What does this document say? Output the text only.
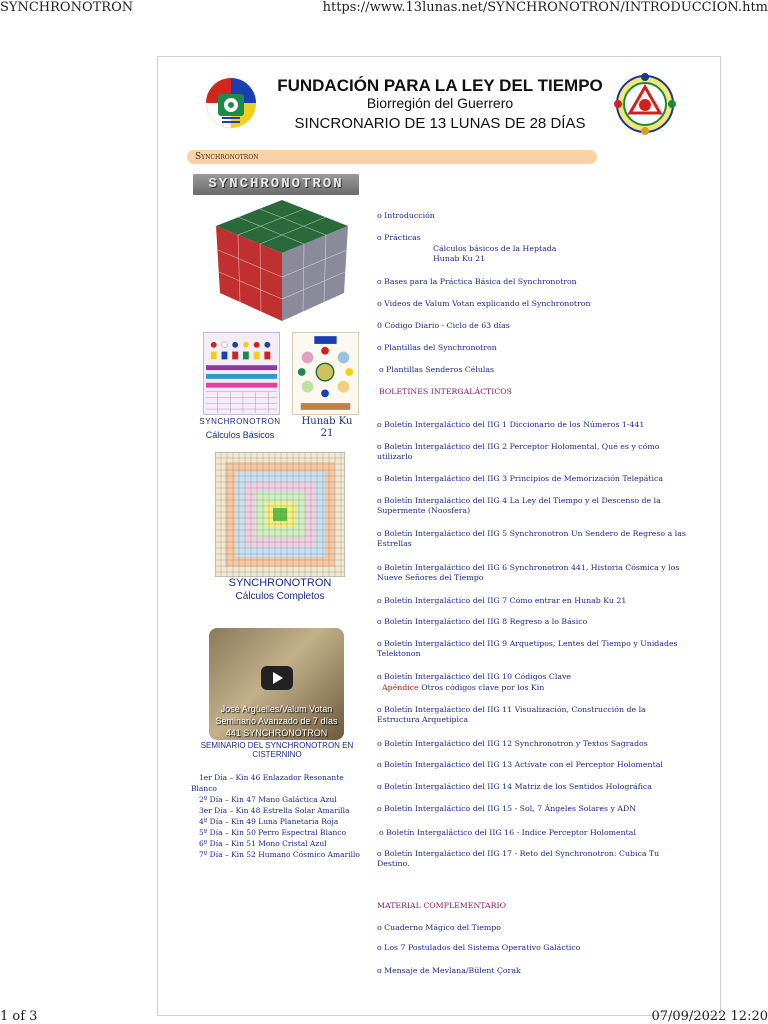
SYNCHRONOTRON	https://www.13lunas.net/SYNCHRONOTRON/INTRODUCCION.htm
FUNDACIÓN PARA LA LEY DEL TIEMPO
Biorregión del Guerrero
SINCRONARIO DE 13 LUNAS DE 28 DÍAS
Synchronotron
SYNCHRONOTRON
SYNCHRONOTRON
Cálculos Básicos
Hunab Ku 21
SYNCHRONOTRON
Cálculos Completos
José Argüelles/Valum Votan
Seminario Avanzado de 7 días
441 SYNCHRONOTRON
SEMINARIO DEL SYNCHRONOTRON EN CISTERNINO
1er Día – Kin 46 Enlazador Resonante
Blanco
2º Día – Kin 47 Mano Galáctica Azul
3er Día – Kin 48 Estrella Solar Amarilla
4º Día – Kin 49 Luna Planetaria Roja
5º Día – Kin 50 Perro Espectral Blanco
6º Día – Kin 51 Mono Cristal Azul
7º Día – Kin 52 Humano Cósmico Amarillo
o Introducción
o Prácticas
Cálculos básicos de la Heptada
Hunab Ku 21
o Bases para la Práctica Básica del Synchronotron
o Videos de Valum Votan explicando el Synchronotron
0 Código Diario - Ciclo de 63 días
o Plantillas del Synchronotron
o Plantillas Senderos Células
BOLETINES INTERGALÁCTICOS
o Boletín Intergaláctico del IIG 1 Diccionario de los Números 1-441
o Boletín Intergaláctico del IIG 2 Perceptor Holomental, Qué es y cómo utilizarlo
o Boletín Intergaláctico del IIG 3 Principios de Memorización Telepática
o Boletín Intergaláctico del IIG 4 La Ley del Tiempo y el Descenso de la Supermente (Noosfera)
o Boletín Intergaláctico del IIG 5 Synchronotron Un Sendero de Regreso a las Estrellas
o Boletín Intergaláctico del IIG 6 Synchronotron 441, Historia Cósmica y los Nueve Señores del Tiempo
o Boletín Intergaláctico del IIG 7 Cómo entrar en Hunab Ku 21
o Boletín Intergaláctico del IIG 8 Regreso a lo Básico
o Boletín Intergaláctico del IIG 9 Arquetipos, Lentes del Tiempo y Unidades Telektonon
o Boletín Intergaláctico del IIG 10 Códigos Clave
Apéndice Otros códigos clave por los Kin
o Boletín Intergaláctico del IIG 11 Visualización, Construcción de la Estructura Arquetípica
o Boletín Intergaláctico del IIG 12 Synchronotron y Textos Sagrados
o Boletín Intergaláctico del IIG 13 Actívate con el Perceptor Holomental
o Boletín Intergaláctico del IIG 14 Matriz de los Sentidos Holográfica
o Boletín Intergaláctico del IIG 15 - Sol, 7 Ángeles Solares y ADN
o Boletín Intergaláctico del IIG 16 - Indice Perceptor Holomental
o Boletín Intergaláctico del IIG 17 - Reto del Synchronotron: Cubica Tu Destino.
MATERIAL COMPLEMENTARIO
o Cuaderno Mágico del Tiempo
o Los 7 Postulados del Sistema Operativo Galáctico
o Mensaje de Mevlana/Bülent Çorak
1 of 3	07/09/2022 12:20
